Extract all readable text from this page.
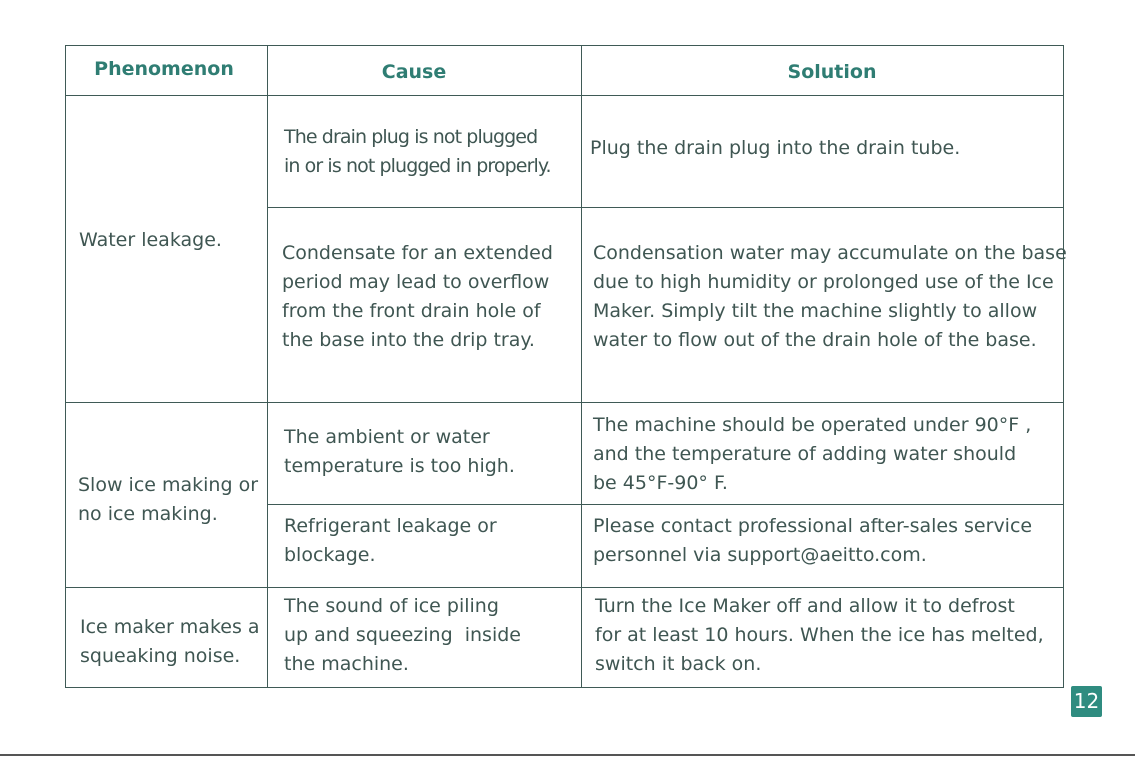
Phenomenon	Cause	Solution
Water leakage.
The drain plug is not plugged
in or is not plugged in properly.
Plug the drain plug into the drain tube.
Condensate for an extended
period may lead to overflow
from the front drain hole of
the base into the drip tray.
Condensation water may accumulate on the base
due to high humidity or prolonged use of the Ice
Maker. Simply tilt the machine slightly to allow
water to flow out of the drain hole of the base.
Slow ice making or
no ice making.
The ambient or water
temperature is too high.
The machine should be operated under 90°F ,
and the temperature of adding water should
be 45°F-90° F.
Refrigerant leakage or
blockage.
Please contact professional after-sales service
personnel via support@aeitto.com.
Ice maker makes a
squeaking noise.
The sound of ice piling
up and squeezing  inside
the machine.
Turn the Ice Maker off and allow it to defrost
for at least 10 hours. When the ice has melted,
switch it back on.
12
